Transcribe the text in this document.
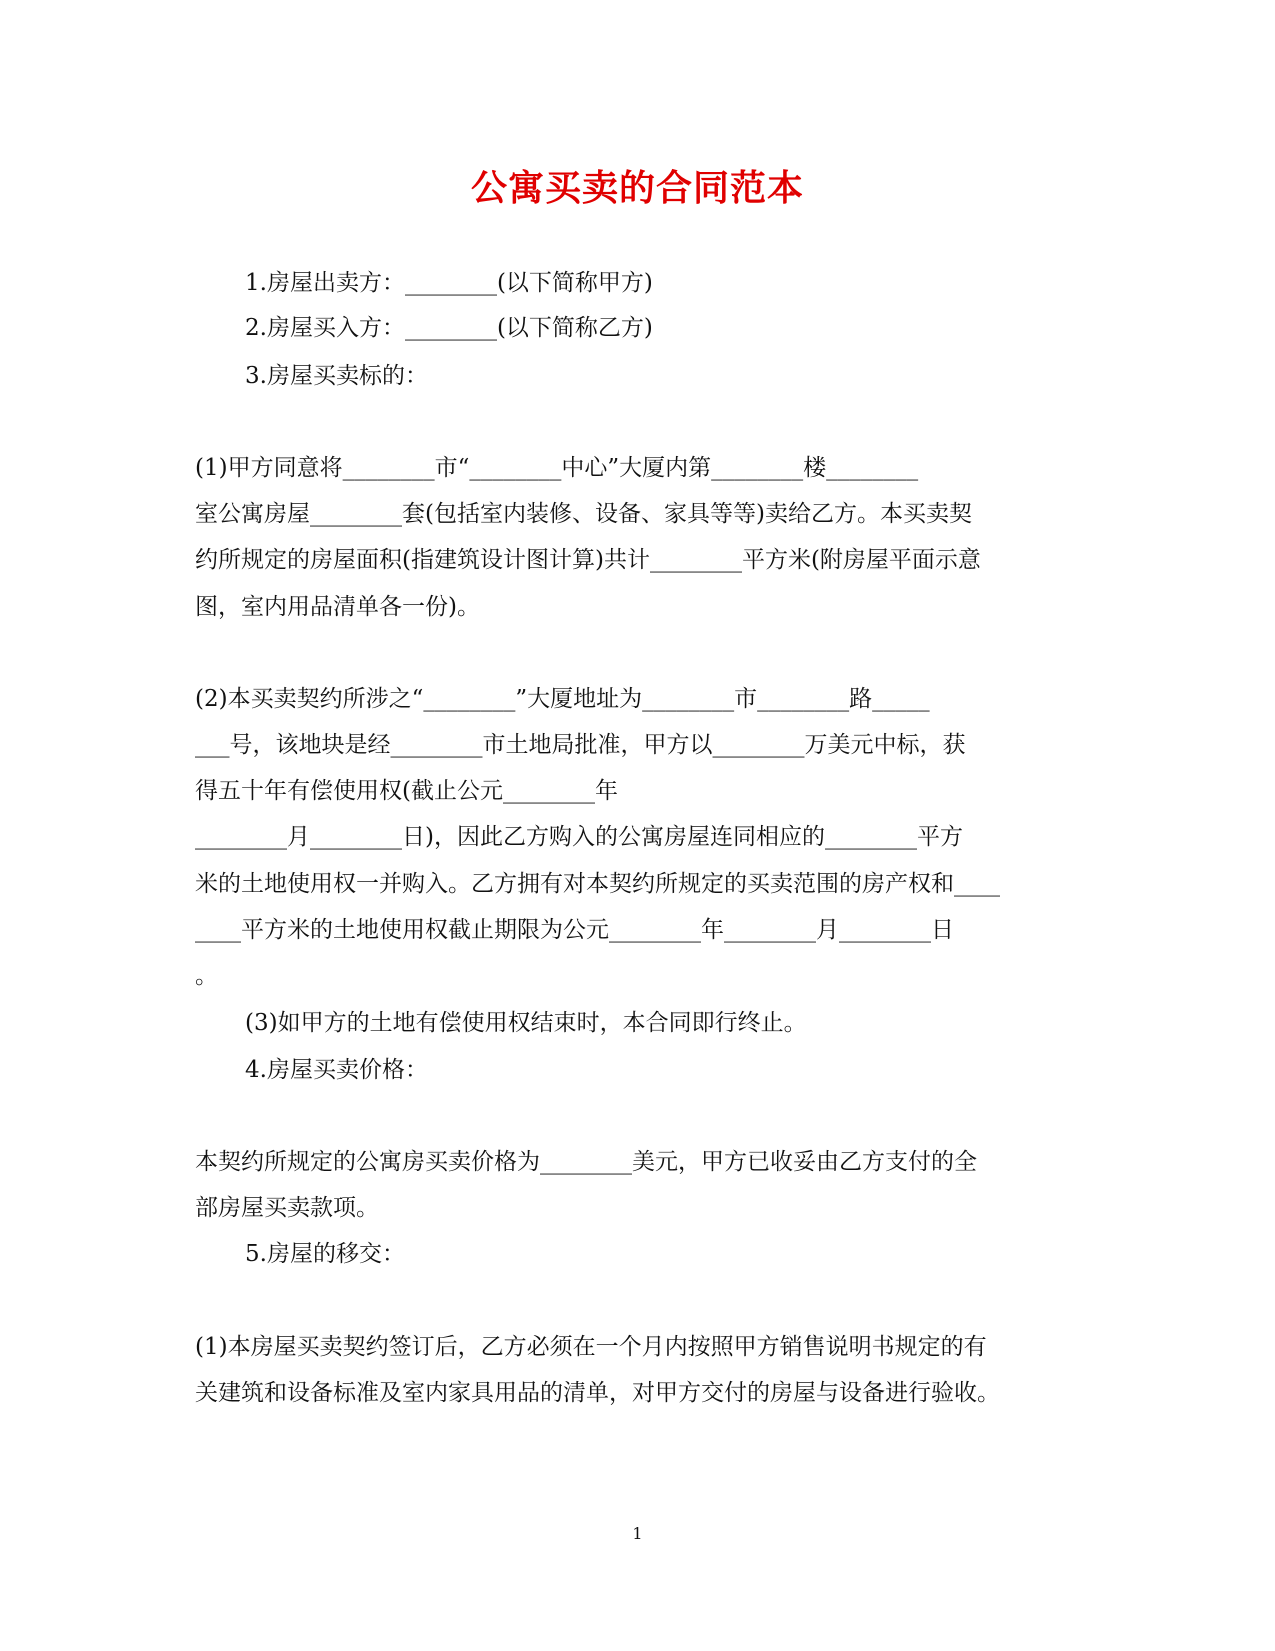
公寓买卖的合同范本
1.房屋出卖方：________(以下简称甲方)
2.房屋买入方：________(以下简称乙方)
3.房屋买卖标的：
(1)甲方同意将________市“________中心”大厦内第________楼________
室公寓房屋________套(包括室内装修、设备、家具等等)卖给乙方。本买卖契
约所规定的房屋面积(指建筑设计图计算)共计________平方米(附房屋平面示意
图，室内用品清单各一份)。
(2)本买卖契约所涉之“________”大厦地址为________市________路_____
___号，该地块是经________市土地局批准，甲方以________万美元中标，获
得五十年有偿使用权(截止公元________年
________月________日)，因此乙方购入的公寓房屋连同相应的________平方
米的土地使用权一并购入。乙方拥有对本契约所规定的买卖范围的房产权和____
____平方米的土地使用权截止期限为公元________年________月________日
。
(3)如甲方的土地有偿使用权结束时，本合同即行终止。
4.房屋买卖价格：
本契约所规定的公寓房买卖价格为________美元，甲方已收妥由乙方支付的全
部房屋买卖款项。
5.房屋的移交：
(1)本房屋买卖契约签订后，乙方必须在一个月内按照甲方销售说明书规定的有
关建筑和设备标准及室内家具用品的清单，对甲方交付的房屋与设备进行验收。
1
